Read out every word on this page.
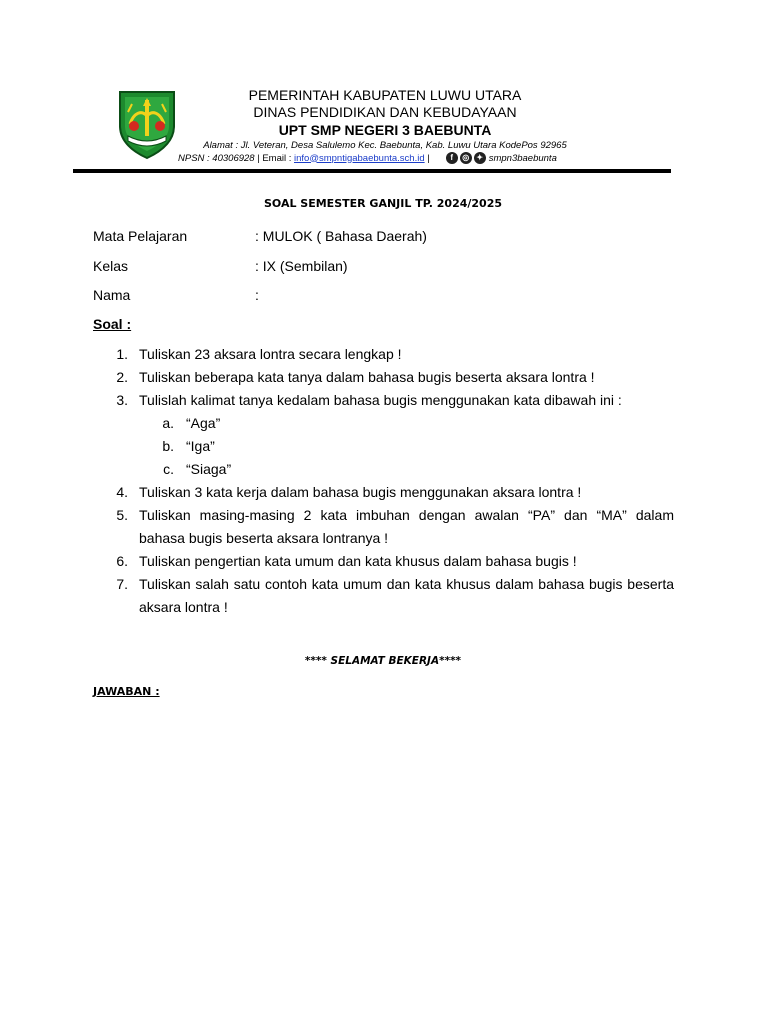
PEMERINTAH KABUPATEN LUWU UTARA
DINAS PENDIDIKAN DAN KEBUDAYAAN
UPT SMP NEGERI 3 BAEBUNTA
Alamat : Jl. Veteran, Desa Salulemo Kec. Baebunta, Kab. Luwu Utara KodePos 92965
NPSN : 40306928 | Email : info@smpntigabaebunta.sch.id |	f	◎ ✦ smpn3baebunta
SOAL SEMESTER GANJIL TP. 2024/2025
Mata Pelajaran	: MULOK ( Bahasa Daerah)
Kelas	: IX (Sembilan)
Nama	:
Soal :
1. Tuliskan 23 aksara lontra secara lengkap !
2. Tuliskan beberapa kata tanya dalam bahasa bugis beserta aksara lontra !
3. Tulislah kalimat tanya kedalam bahasa bugis menggunakan kata dibawah ini :
a. “Aga”
b. “Iga”
c. “Siaga”
4. Tuliskan 3 kata kerja dalam bahasa bugis menggunakan aksara lontra !
5. Tuliskan masing-masing 2 kata imbuhan dengan awalan “PA” dan “MA” dalam
bahasa bugis beserta aksara lontranya !
6. Tuliskan pengertian kata umum dan kata khusus dalam bahasa bugis !
7. Tuliskan salah satu contoh kata umum dan kata khusus dalam bahasa bugis beserta
aksara lontra !
**** SELAMAT BEKERJA****
JAWABAN :
